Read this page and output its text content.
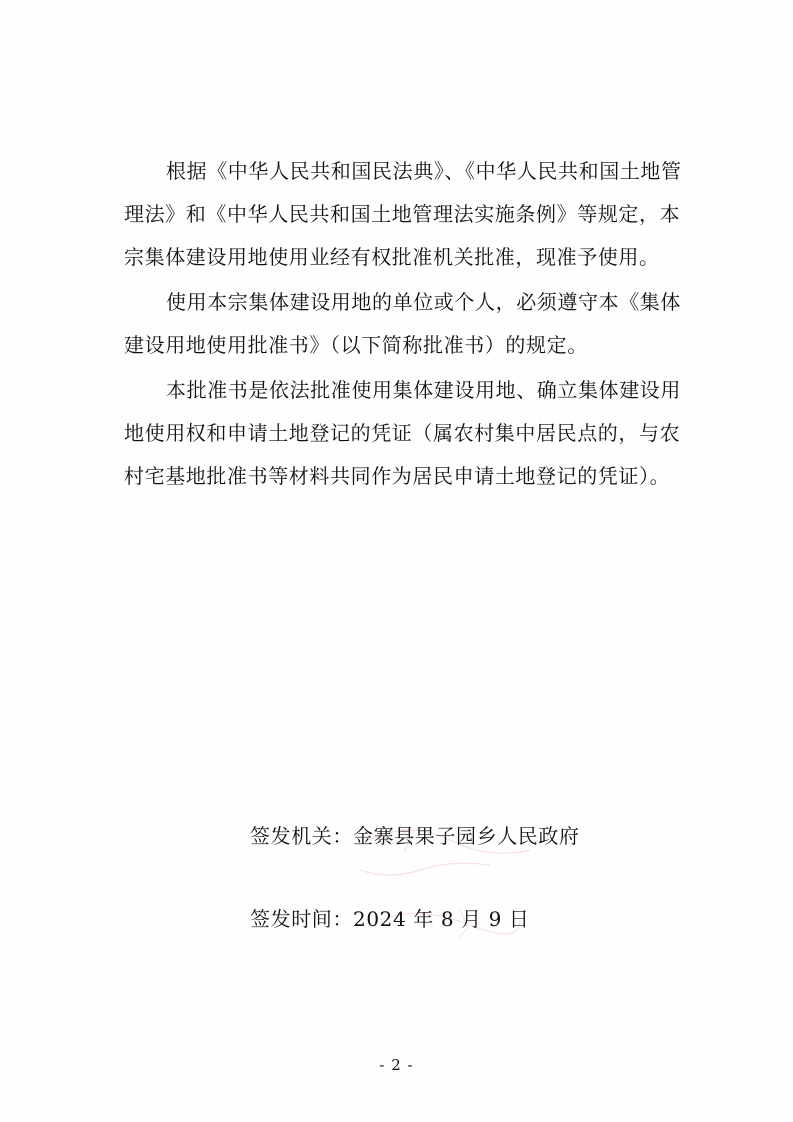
根据《中华人民共和国民法典》、《中华人民共和国土地管理法》和《中华人民共和国土地管理法实施条例》等规定，本宗集体建设用地使用业经有权批准机关批准，现准予使用。

使用本宗集体建设用地的单位或个人，必须遵守本《集体建设用地使用批准书》（以下简称批准书）的规定。

本批准书是依法批准使用集体建设用地、确立集体建设用地使用权和申请土地登记的凭证（属农村集中居民点的，与农村宅基地批准书等材料共同作为居民申请土地登记的凭证）。

签发机关：金寨县果子园乡人民政府
签发时间：2024 年 8 月 9 日
- 2 -
